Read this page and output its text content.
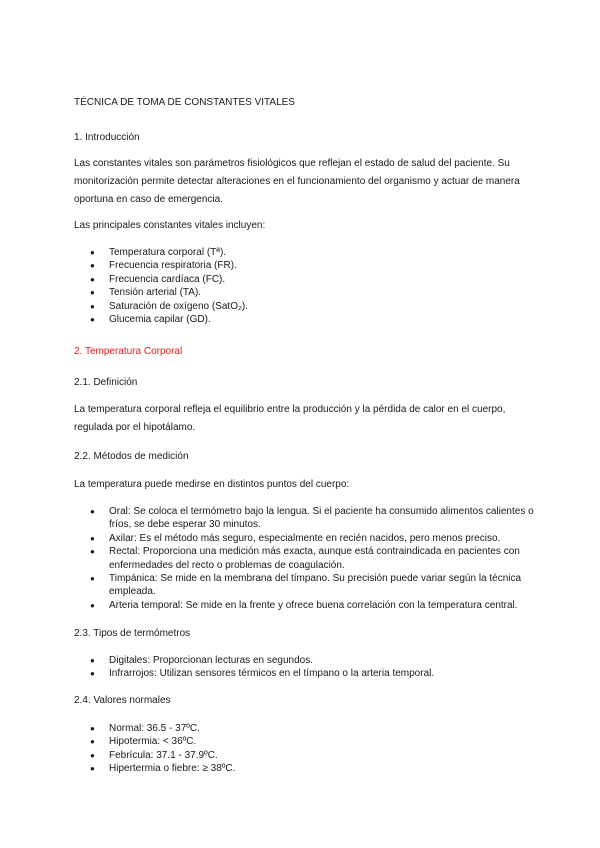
TÉCNICA DE TOMA DE CONSTANTES VITALES
1. Introducción

Las constantes vitales son parámetros fisiológicos que reflejan el estado de salud del paciente. Su monitorización permite detectar alteraciones en el funcionamiento del organismo y actuar de manera oportuna en caso de emergencia.

Las principales constantes vitales incluyen:

● Temperatura corporal (Tª).
● Frecuencia respiratoria (FR).
● Frecuencia cardíaca (FC).
● Tensión arterial (TA).
● Saturación de oxígeno (SatO₂).
● Glucemia capilar (GD).
2. Temperatura Corporal
2.1. Definición

La temperatura corporal refleja el equilibrio entre la producción y la pérdida de calor en el cuerpo, regulada por el hipotálamo.

2.2. Métodos de medición

La temperatura puede medirse en distintos puntos del cuerpo:

● Oral: Se coloca el termómetro bajo la lengua. Si el paciente ha consumido alimentos calientes o fríos, se debe esperar 30 minutos.
● Axilar: Es el método más seguro, especialmente en recién nacidos, pero menos preciso.
● Rectal: Proporciona una medición más exacta, aunque está contraindicada en pacientes con enfermedades del recto o problemas de coagulación.
● Timpánica: Se mide en la membrana del tímpano. Su precisión puede variar según la técnica empleada.
● Arteria temporal: Se mide en la frente y ofrece buena correlación con la temperatura central.
2.3. Tipos de termómetros
● Digitales: Proporcionan lecturas en segundos.
● Infrarrojos: Utilizan sensores térmicos en el tímpano o la arteria temporal.
2.4. Valores normales
● Normal: 36.5 - 37ºC.
● Hipotermia: < 36ºC.
● Febrícula: 37.1 - 37.9ºC.
● Hipertermia o fiebre: ≥ 38ºC.
